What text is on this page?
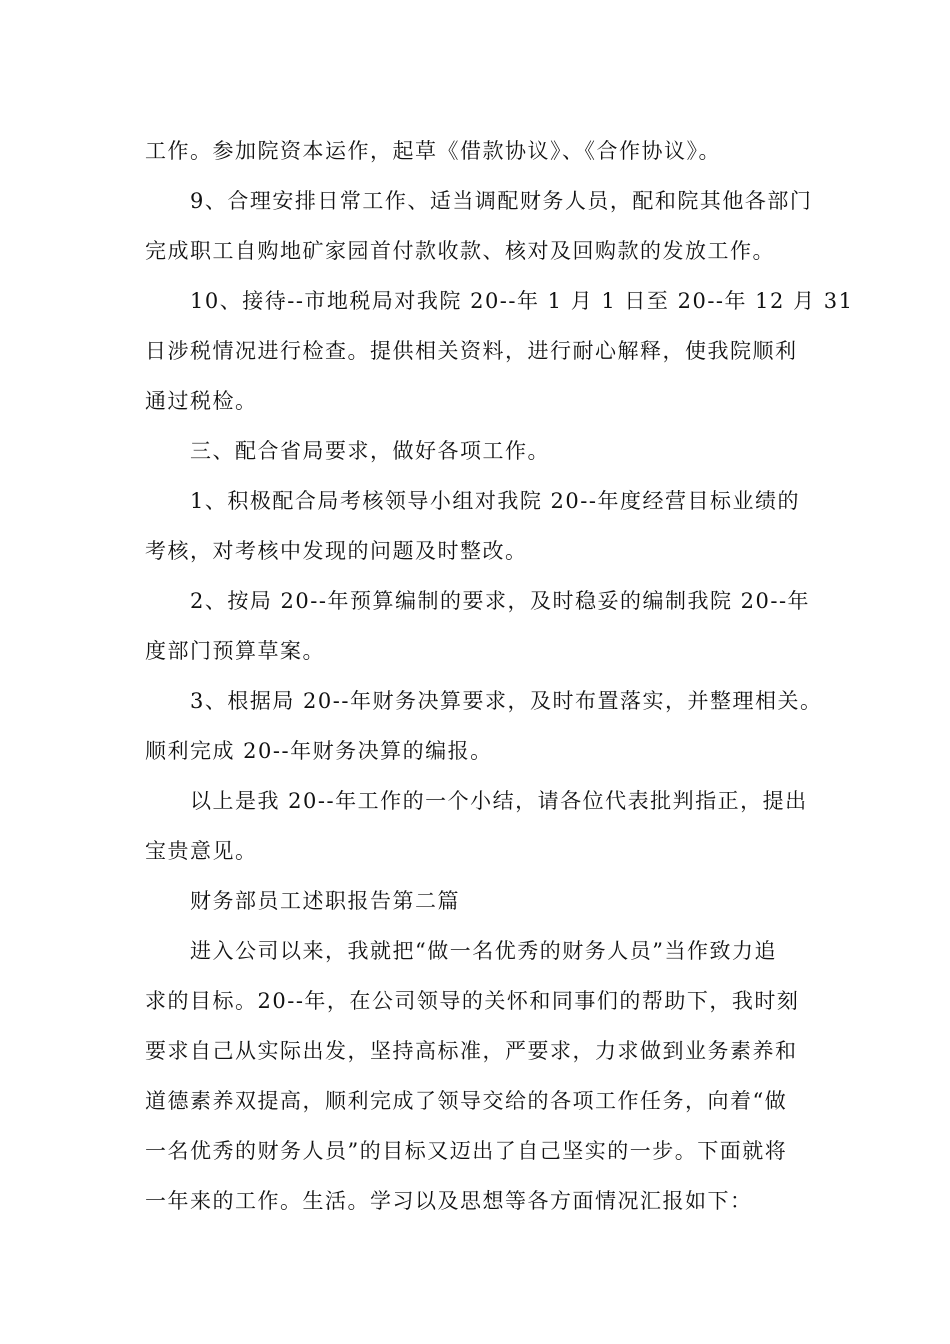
工作。参加院资本运作，起草《借款协议》、《合作协议》。
9、合理安排日常工作、适当调配财务人员，配和院其他各部门
完成职工自购地矿家园首付款收款、核对及回购款的发放工作。
10、接待--市地税局对我院 20--年 1 月 1 日至 20--年 12 月 31
日涉税情况进行检查。提供相关资料，进行耐心解释，使我院顺利
通过税检。
三、配合省局要求，做好各项工作。
1、积极配合局考核领导小组对我院 20--年度经营目标业绩的
考核，对考核中发现的问题及时整改。
2、按局 20--年预算编制的要求，及时稳妥的编制我院 20--年
度部门预算草案。
3、根据局 20--年财务决算要求，及时布置落实，并整理相关。
顺利完成 20--年财务决算的编报。
以上是我 20--年工作的一个小结，请各位代表批判指正，提出
宝贵意见。
财务部员工述职报告第二篇
进入公司以来，我就把“做一名优秀的财务人员”当作致力追
求的目标。20--年，在公司领导的关怀和同事们的帮助下，我时刻
要求自己从实际出发，坚持高标准，严要求，力求做到业务素养和
道德素养双提高，顺利完成了领导交给的各项工作任务，向着“做
一名优秀的财务人员”的目标又迈出了自己坚实的一步。下面就将
一年来的工作。生活。学习以及思想等各方面情况汇报如下：
